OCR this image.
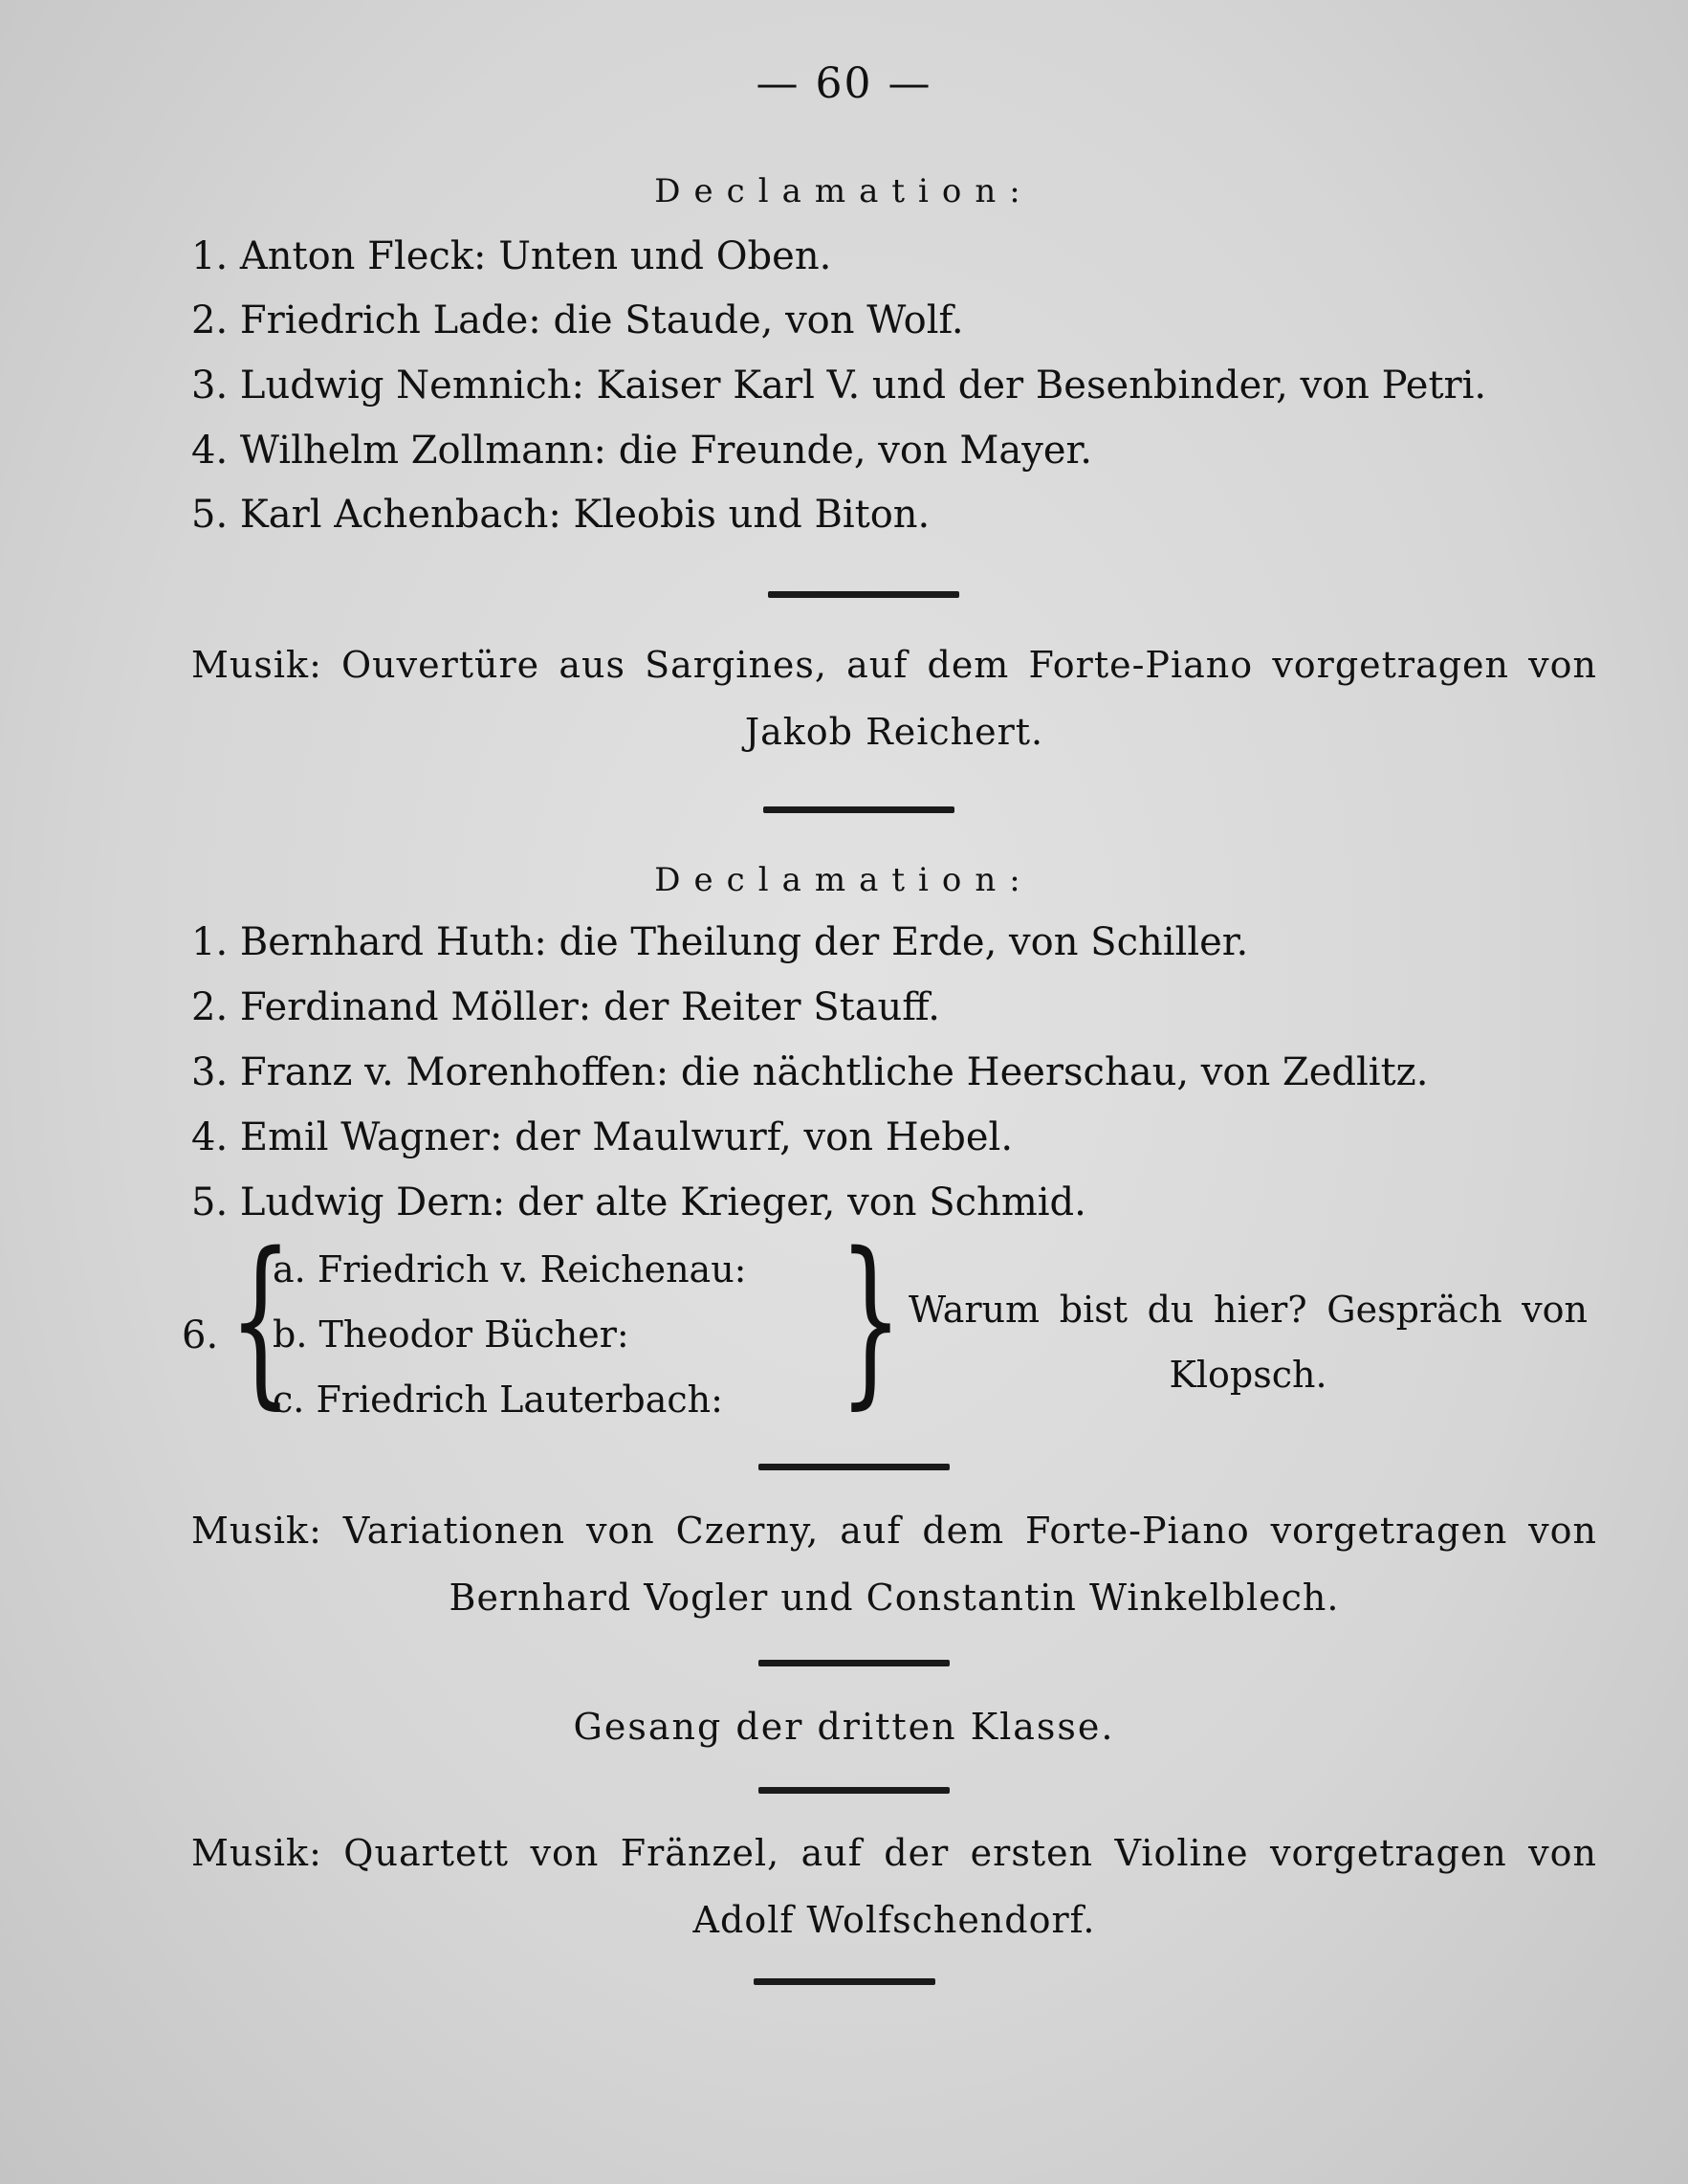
— 60 —
Declamation:
1. Anton Fleck: Unten und Oben.
2. Friedrich Lade: die Staude, von Wolf.
3. Ludwig Nemnich: Kaiser Karl V. und der Besenbinder, von Petri.
4. Wilhelm Zollmann: die Freunde, von Mayer.
5. Karl Achenbach: Kleobis und Biton.
Musik: Ouvertüre aus Sargines, auf dem Forte-Piano vorgetragen von Jakob Reichert.
Declamation:
1. Bernhard Huth: die Theilung der Erde, von Schiller.
2. Ferdinand Möller: der Reiter Stauff.
3. Franz v. Morenhoffen: die nächtliche Heerschau, von Zedlitz.
4. Emil Wagner: der Maulwurf, von Hebel.
5. Ludwig Dern: der alte Krieger, von Schmid.
6. {
a. Friedrich v. Reichenau:
b. Theodor Bücher:
c. Friedrich Lauterbach: } Warum bist du hier? Gespräch von Klopsch.
Musik: Variationen von Czerny, auf dem Forte-Piano vorgetragen von Bernhard Vogler und Constantin Winkelblech.
Gesang der dritten Klasse.
Musik: Quartett von Fränzel, auf der ersten Violine vorgetragen von Adolf Wolfschendorf.
